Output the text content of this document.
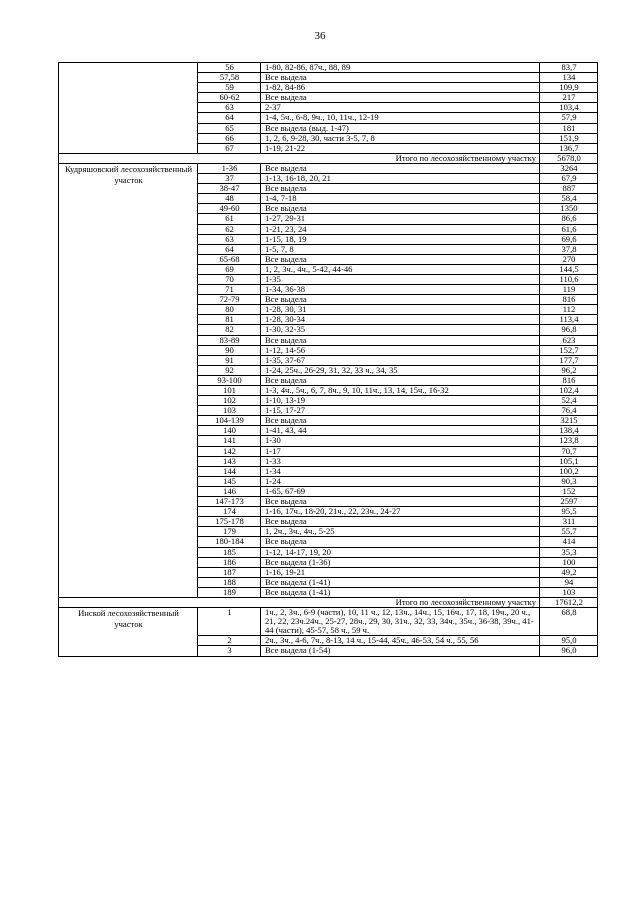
36
	56	1-80, 82-86, 87ч., 88, 89	83,7
	57,58	Все выдела	134
	59	1-82, 84-86	109,9
	60-62	Все выдела	217
	63	2-37	103,4
	64	1-4, 5ч., 6-8, 9ч., 10, 11ч., 12-19	57,9
	65	Все выдела (выд. 1-47)	181
	66	1, 2, 6, 9-28, 30, части 3-5, 7, 8	151,9
	67	1-19, 21-22	136,7
Итого по лесохозяйственному участку			5678,0
Кудряшовский лесохозяйственный участок	1-36	Все выдела	3264
	37	1-13, 16-18, 20, 21	67,9
	38-47	Все выдела	887
	48	1-4, 7-18	58,4
	49-60	Все выдела	1350
	61	1-27, 29-31	86,6
	62	1-21, 23, 24	61,6
	63	1-15, 18, 19	69,6
	64	1-5, 7, 8	37,8
	65-68	Все выдела	270
	69	1, 2, 3ч., 4ч., 5-42, 44-46	144,5
	70	1-35	110,6
	71	1-34, 36-38	119
	72-79	Все выдела	816
	80	1-28, 30, 31	112
	81	1-28, 30-34	113,4
	82	1-30, 32-35	96,8
	83-89	Все выдела	623
	90	1-12, 14-56	152,7
	91	1-35, 37-67	177,7
	92	1-24, 25ч., 26-29, 31, 32, 33 ч., 34, 35	96,2
	93-100	Все выдела	816
	101	1-3, 4ч., 5ч., 6, 7, 8ч., 9, 10, 11ч., 13, 14, 15ч., 16-32	102,4
	102	1-10, 13-19	52,4
	103	1-15, 17-27	76,4
	104-139	Все выдела	3215
	140	1-41, 43, 44	138,4
	141	1-30	123,8
	142	1-17	70,7
	143	1-33	105,1
	144	1-34	100,2
	145	1-24	90,3
	146	1-65, 67-69	152
	147-173	Все выдела	2597
	174	1-16, 17ч., 18-20, 21ч., 22, 23ч., 24-27	95,5
	175-178	Все выдела	311
	179	1, 2ч., 3ч., 4ч., 5-25	55,7
	180-184	Все выдела	414
	185	1-12, 14-17, 19, 20	35,3
	186	Все выдела (1-36)	100
	187	1-16, 19-21	49,2
	188	Все выдела (1-41)	94
	189	Все выдела (1-41)	103
Итого по лесохозяйственному участку			17612,2
Инской лесохозяйственный участок	1	1ч., 2, 3ч., 6-9 (части), 10, 11 ч., 12, 13ч., 14ч., 15, 16ч., 17, 18, 19ч., 20 ч., 21, 22, 23ч.24ч., 25-27, 28ч., 29, 30, 31ч., 32, 33, 34ч., 35ч., 36-38, 39ч., 41-44 (части), 45-57, 58 ч., 59 ч.	68,8
	2	2ч., 3ч., 4-6, 7ч., 8-13, 14 ч., 15-44, 45ч., 46-53, 54 ч., 55, 56	95,0
	3	Все выдела (1-54)	96,0
